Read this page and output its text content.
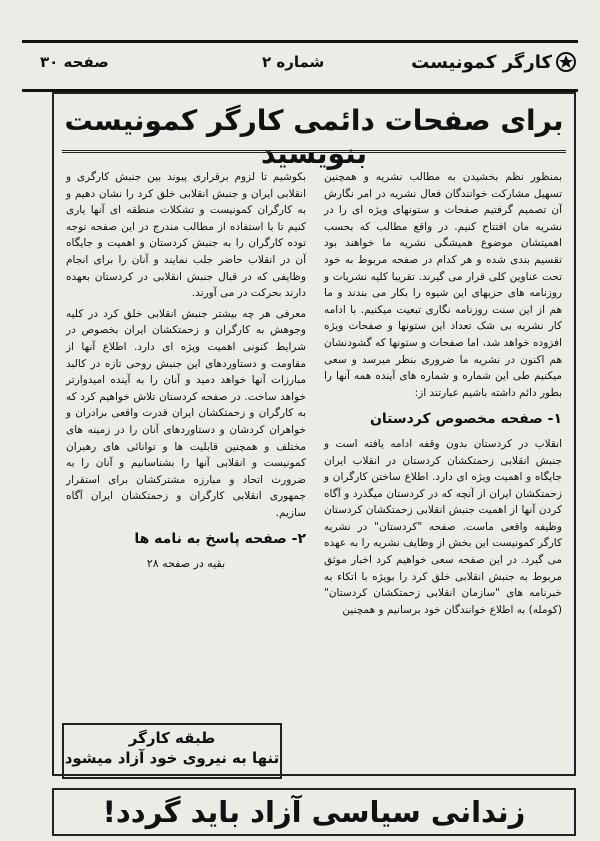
کارگر کمونیست
شماره ۲
صفحه ۳۰
برای صفحات دائمی کارگر کمونیست بنویسید

بمنظور نظم بخشیدن به مطالب نشریه و همچنین تسهیل مشارکت خوانندگان فعال نشریه در امر نگارش آن تصمیم گرفتیم صفحات و ستونهای ویژه ای را در نشریه مان افتتاح کنیم. در واقع مطالب که بحسب اهمیتشان موضوع همیشگی نشریه ما خواهند بود تقسیم بندی شده و هر کدام در صفحه مربوط به خود تحت عناوین کلی قرار می گیرند. تقریبا کلیه نشریات و روزنامه های حزبهای این شیوه را بکار می بندند و ما هم از این سنت روزنامه نگاری تبعیت میکنیم. با ادامه کار نشریه بی شک تعداد این ستونها و صفحات ویژه افزوده خواهد شد، اما صفحات و ستونها که گشودنشان هم اکنون در نشریه ما ضروری بنظر میرسد و سعی میکنیم طی این شماره و شماره های آینده همه آنها را بطور دائم داشته باشیم عبارتند از:

۱- صفحه مخصوص کردستان

انقلاب در کردستان بدون وقفه ادامه یافته است و جنبش انقلابی زحمتکشان کردستان در انقلاب ایران جایگاه و اهمیت ویژه ای دارد. اطلاع ساختن کارگران و زحمتکشان ایران از آنچه که در کردستان میگذرد و آگاه کردن آنها از اهمیت جنبش انقلابی زحمتکشان کردستان وظیفه واقعی ماست. صفحه "کردستان" در نشریه کارگر کمونیست این بخش از وظایف نشریه را به عهده می گیرد. در این صفحه سعی خواهیم کرد اخبار موثق مربوط به جنبش انقلابی خلق کرد را بویژه با اتکاء به خبرنامه های "سازمان انقلابی زحمتکشان کردستان" (کومله) به اطلاع خوانندگان خود برسانیم و همچنین

بکوشیم تا لزوم برقراری پیوند بین جنبش کارگری و انقلابی ایران و جنبش انقلابی خلق کرد را نشان دهیم و به کارگران کمونیست و تشکلات منطقه ای آنها یاری کنیم تا با استفاده از مطالب مندرج در این صفحه توجه توده کارگران را به جنبش کردستان و اهمیت و جایگاه آن در انقلاب حاضر جلب نمایند و آنان را برای انجام وظایفی که در قبال جنبش انقلابی در کردستان بعهده دارند بحرکت در می آورند.

معرفی هر چه بیشتر جنبش انقلابی خلق کرد در کلیه وجوهش به کارگران و زحمتکشان ایران بخصوص در شرایط کنونی اهمیت ویژه ای دارد. اطلاع آنها از مقاومت و دستاوردهای این جنبش روحی تازه در کالبد مبارزات آنها خواهد دمید و آنان را به آینده امیدوارتر خواهد ساخت. در صفحه کردستان تلاش خواهیم کرد که به کارگران و زحمتکشان ایران قدرت واقعی برادران و خواهران کردشان و دستاوردهای آنان را در زمینه های مختلف و همچنین قابلیت ها و توانائی های رهبران کمونیست و انقلابی آنها را بشناسانیم و آنان را به ضرورت اتحاد و مبارزه مشترکشان برای استقرار جمهوری انقلابی کارگران و زحمتکشان ایران آگاه سازیم.

۲- صفحه پاسخ به نامه ها
بقیه در صفحه ۲۸
طبقه کارگر
تنها به نیروی خود آزاد میشود
زندانی سیاسی آزاد باید گردد!
